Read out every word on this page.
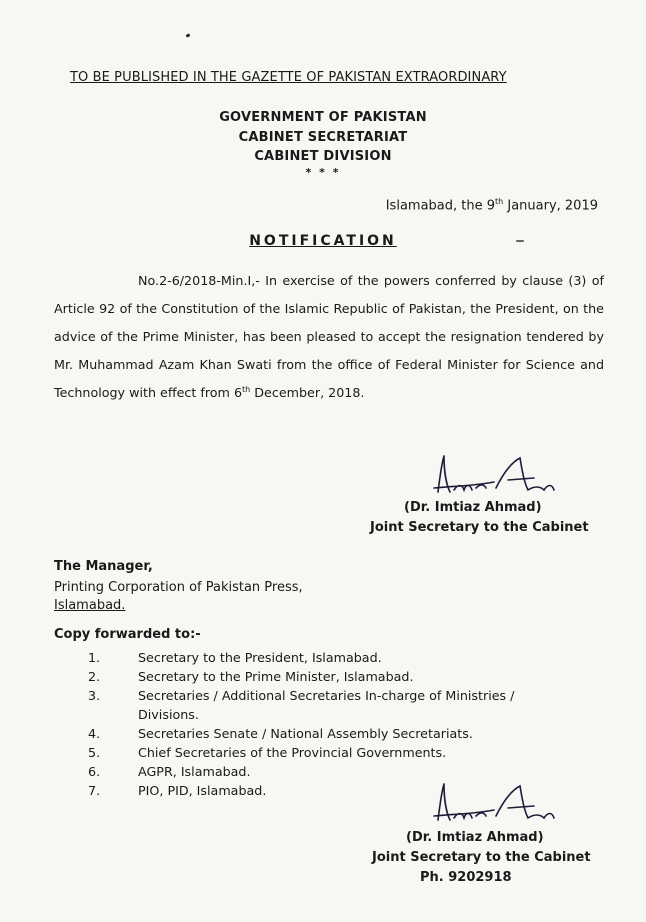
TO BE PUBLISHED IN THE GAZETTE OF PAKISTAN EXTRAORDINARY
GOVERNMENT OF PAKISTAN
CABINET SECRETARIAT
CABINET DIVISION
* * *
Islamabad, the 9th January, 2019
NOTIFICATION
No.2-6/2018-Min.I,- In exercise of the powers conferred by clause (3) of Article 92 of the Constitution of the Islamic Republic of Pakistan, the President, on the advice of the Prime Minister, has been pleased to accept the resignation tendered by Mr. Muhammad Azam Khan Swati from the office of Federal Minister for Science and Technology with effect from 6th December, 2018.
(Dr. Imtiaz Ahmad)
Joint Secretary to the Cabinet
The Manager,
Printing Corporation of Pakistan Press,
Islamabad.
Copy forwarded to:-
1.	Secretary to the President, Islamabad.
2.	Secretary to the Prime Minister, Islamabad.
3.	Secretaries / Additional Secretaries In-charge of Ministries / Divisions.
4.	Secretaries Senate / National Assembly Secretariats.
5.	Chief Secretaries of the Provincial Governments.
6.	AGPR, Islamabad.
7.	PIO, PID, Islamabad.
(Dr. Imtiaz Ahmad)
Joint Secretary to the Cabinet
Ph. 9202918
